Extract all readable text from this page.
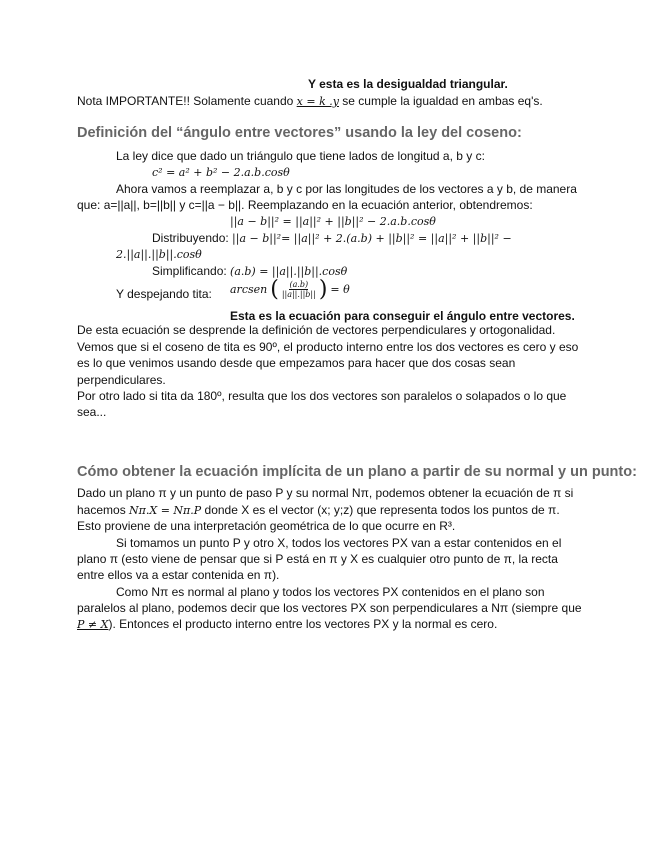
Y esta es la desigualdad triangular.
Nota IMPORTANTE!! Solamente cuando x = k .y se cumple la igualdad en ambas eq's.
Definición del “ángulo entre vectores” usando la ley del coseno:
La ley dice que dado un triángulo que tiene lados de longitud a, b y c:
c² = a² + b² − 2.a.b.cosθ
Ahora vamos a reemplazar a, b y c por las longitudes de los vectores a y b, de manera
que: a=||a||, b=||b|| y c=||a − b||. Reemplazando en la ecuación anterior, obtendremos:
||a − b||² = ||a||² + ||b||² − 2.a.b.cosθ
Distribuyendo: ||a − b||²= ||a||² + 2.(a.b) + ||b||² = ||a||² + ||b||² −
2.||a||.||b||.cosθ
Simplificando: (a.b) = ||a||.||b||.cosθ
Y despejando tita: arcsen ( $\frac{(a.b)}{||a||.||b||}$ ) = θ
Esta es la ecuación para conseguir el ángulo entre vectores.
De esta ecuación se desprende la definición de vectores perpendiculares y ortogonalidad.
Vemos que si el coseno de tita es 90º, el producto interno entre los dos vectores es cero y eso
es lo que venimos usando desde que empezamos para hacer que dos cosas sean
perpendiculares.
Por otro lado si tita da 180º, resulta que los dos vectores son paralelos o solapados o lo que
sea...
Cómo obtener la ecuación implícita de un plano a partir de su normal y un punto:
Dado un plano π y un punto de paso P y su normal Nπ, podemos obtener la ecuación de π si
hacemos Nπ.X = Nπ.P donde X es el vector (x; y;z) que representa todos los puntos de π.
Esto proviene de una interpretación geométrica de lo que ocurre en R³.
Si tomamos un punto P y otro X, todos los vectores PX van a estar contenidos en el
plano π (esto viene de pensar que si P está en π y X es cualquier otro punto de π, la recta
entre ellos va a estar contenida en π).
Como Nπ es normal al plano y todos los vectores PX contenidos en el plano son
paralelos al plano, podemos decir que los vectores PX son perpendiculares a Nπ (siempre que
P ≠ X). Entonces el producto interno entre los vectores PX y la normal es cero.
